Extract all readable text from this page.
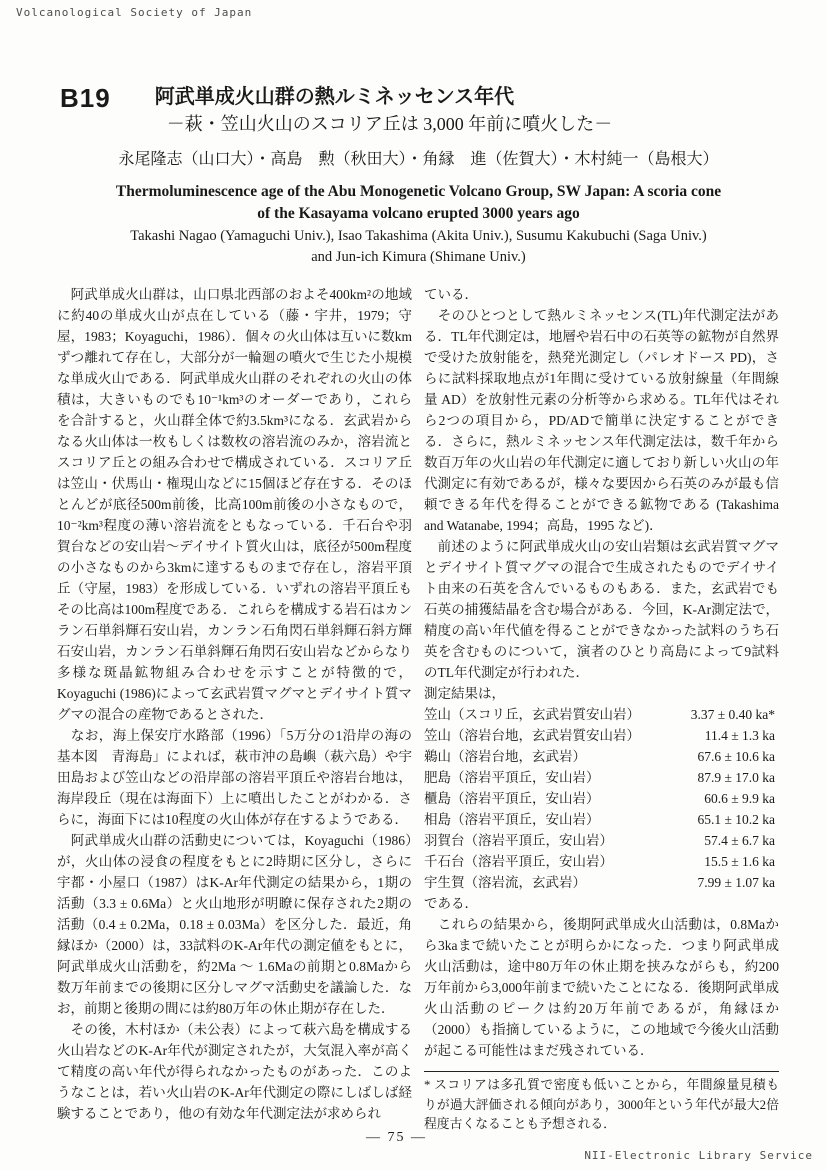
Volcanological Society of Japan
B19 阿武単成火山群の熱ルミネッセンス年代
－萩・笠山火山のスコリア丘は 3,000 年前に噴火した－
永尾隆志（山口大）・高島　勲（秋田大）・角縁　進（佐賀大）・木村純一（島根大）
Thermoluminescence age of the Abu Monogenetic Volcano Group, SW Japan: A scoria cone
of the Kasayama volcano erupted 3000 years ago
Takashi Nagao (Yamaguchi Univ.), Isao Takashima (Akita Univ.), Susumu Kakubuchi (Saga Univ.)
and Jun-ich Kimura (Shimane Univ.)

　阿武単成火山群は，山口県北西部のおよそ400km²の地域に約40の単成火山が点在している（藤・宇井，1979；守屋，1983；Koyaguchi，1986）．個々の火山体は互いに数kmずつ離れて存在し，大部分が一輪廻の噴火で生じた小規模な単成火山である．阿武単成火山群のそれぞれの火山の体積は，大きいものでも10⁻¹km³のオーダーであり，これらを合計すると，火山群全体で約3.5km³になる．玄武岩からなる火山体は一枚もしくは数枚の溶岩流のみか，溶岩流とスコリア丘との組み合わせで構成されている．スコリア丘は笠山・伏馬山・権現山などに15個ほど存在する．そのほとんどが底径500m前後，比高100m前後の小さなもので，10⁻²km³程度の薄い溶岩流をともなっている．千石台や羽賀台などの安山岩〜デイサイト質火山は，底径が500m程度の小さなものから3kmに達するものまで存在し，溶岩平頂丘（守屋，1983）を形成している．いずれの溶岩平頂丘もその比高は100m程度である．これらを構成する岩石はカンラン石単斜輝石安山岩，カンラン石角閃石単斜輝石斜方輝石安山岩，カンラン石単斜輝石角閃石安山岩などからなり多様な斑晶鉱物組み合わせを示すことが特徴的で，Koyaguchi (1986)によって玄武岩質マグマとデイサイト質マグマの混合の産物であるとされた．

　なお，海上保安庁水路部（1996）「5万分の1沿岸の海の基本図　青海島」によれば，萩市沖の島嶼（萩六島）や宇田島および笠山などの沿岸部の溶岩平頂丘や溶岩台地は，海岸段丘（現在は海面下）上に噴出したことがわかる．さらに，海面下には10程度の火山体が存在するようである．

　阿武単成火山群の活動史については，Koyaguchi（1986）が，火山体の浸食の程度をもとに2時期に区分し，さらに宇都・小屋口（1987）はK-Ar年代測定の結果から，1期の活動（3.3 ± 0.6Ma）と火山地形が明瞭に保存された2期の活動（0.4 ± 0.2Ma，0.18 ± 0.03Ma）を区分した．最近，角縁ほか（2000）は，33試料のK-Ar年代の測定値をもとに，阿武単成火山活動を，約2Ma 〜 1.6Maの前期と0.8Maから数万年前までの後期に区分しマグマ活動史を議論した．なお，前期と後期の間には約80万年の休止期が存在した．

　その後，木村ほか（未公表）によって萩六島を構成する火山岩などのK-Ar年代が測定されたが，大気混入率が高くて精度の高い年代が得られなかったものがあった．このようなことは，若い火山岩のK-Ar年代測定の際にしばしば経験することであり，他の有効な年代測定法が求められ

ている．

　そのひとつとして熱ルミネッセンス(TL)年代測定法がある．TL年代測定は，地層や岩石中の石英等の鉱物が自然界で受けた放射能を，熱発光測定し（パレオドース PD)，さらに試料採取地点が1年間に受けている放射線量（年間線量 AD）を放射性元素の分析等から求める。TL年代はそれら2つの項目から，PD/ADで簡単に決定することができる．さらに，熱ルミネッセンス年代測定法は，数千年から数百万年の火山岩の年代測定に適しており新しい火山の年代測定に有効であるが，様々な要因から石英のみが最も信頼できる年代を得ることができる鉱物である (Takashima and Watanabe, 1994；高島，1995 など)．

　前述のように阿武単成火山の安山岩類は玄武岩質マグマとデイサイト質マグマの混合で生成されたものでデイサイト由来の石英を含んでいるものもある．また，玄武岩でも石英の捕獲結晶を含む場合がある．今回，K-Ar測定法で，精度の高い年代値を得ることができなかった試料のうち石英を含むものについて，演者のひとり高島によって9試料のTL年代測定が行われた．

測定結果は，

笠山（スコリ丘，玄武岩質安山岩）	3.37 ± 0.40 ka*
笠山（溶岩台地，玄武岩質安山岩）	11.4 ± 1.3 ka
鵜山（溶岩台地，玄武岩）	67.6 ± 10.6 ka
肥島（溶岩平頂丘，安山岩）	87.9 ± 17.0 ka
櫃島（溶岩平頂丘，安山岩）	60.6 ± 9.9 ka
相島（溶岩平頂丘，安山岩）	65.1 ± 10.2 ka
羽賀台（溶岩平頂丘，安山岩）	57.4 ± 6.7 ka
千石台（溶岩平頂丘，安山岩）	15.5 ± 1.6 ka
宇生賀（溶岩流，玄武岩）	7.99 ± 1.07 ka

である．

　これらの結果から，後期阿武単成火山活動は，0.8Maから3kaまで続いたことが明らかになった．つまり阿武単成火山活動は，途中80万年の休止期を挟みながらも，約200万年前から3,000年前まで続いたことになる．後期阿武単成火山活動のピークは約20万年前であるが，角縁ほか（2000）も指摘しているように，この地域で今後火山活動が起こる可能性はまだ残されている．

* スコリアは多孔質で密度も低いことから，年間線量見積もりが過大評価される傾向があり，3000年という年代が最大2倍程度古くなることも予想される．

— 75 —
NII-Electronic Library Service
